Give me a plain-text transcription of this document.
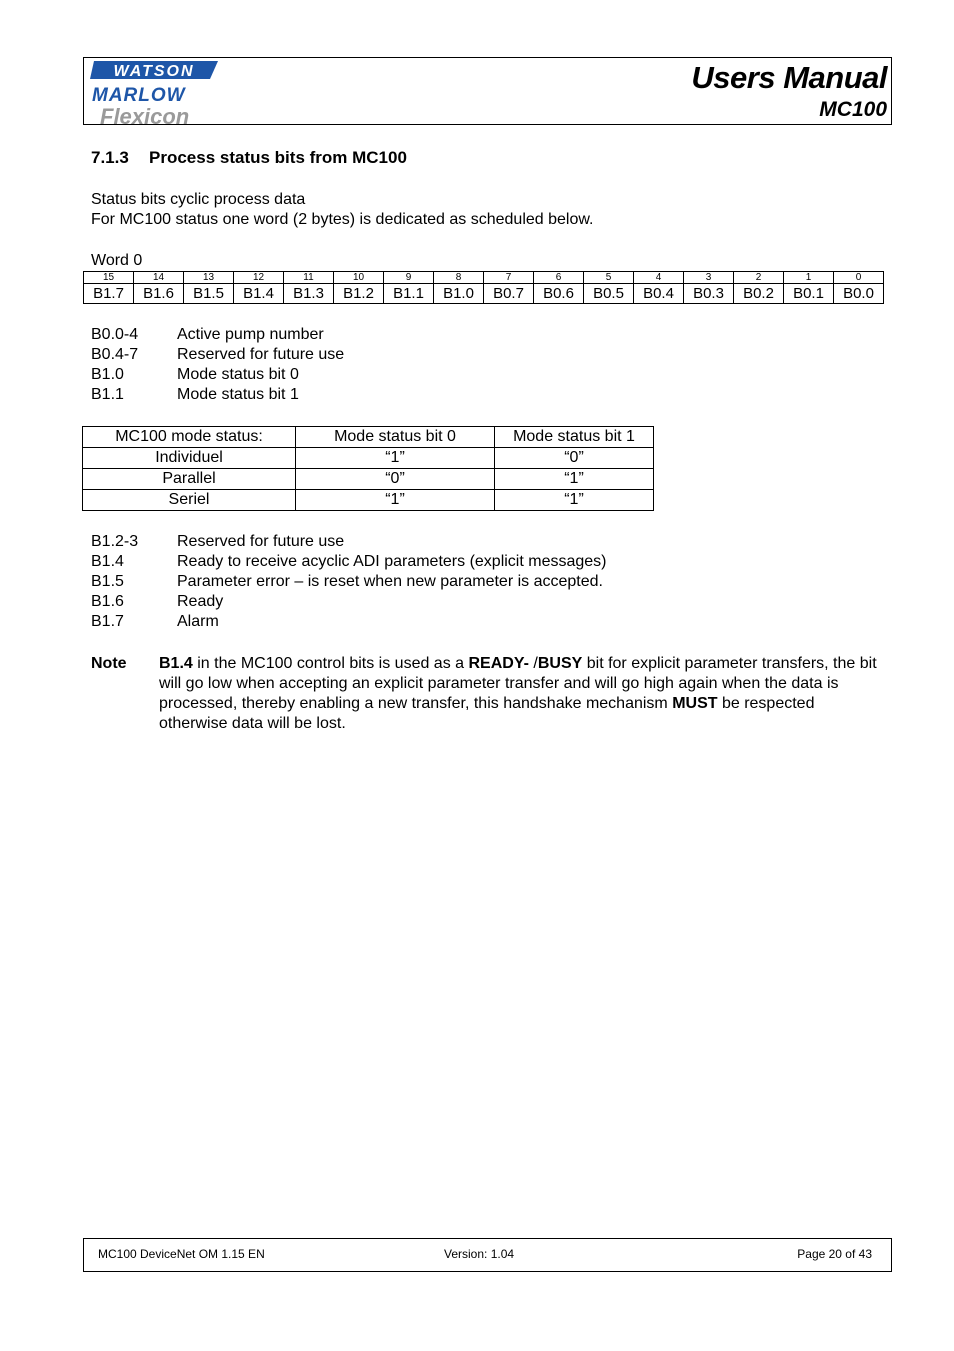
WATSON
MARLOW
Flexicon
Users Manual
MC100
7.1.3 Process status bits from MC100
Status bits cyclic process data
For MC100 status one word (2 bytes) is dedicated as scheduled below.
Word 0
15	14	13	12	11	10	9	8	7	6	5	4	3	2	1	0
B1.7	B1.6	B1.5	B1.4	B1.3	B1.2	B1.1	B1.0	B0.7	B0.6	B0.5	B0.4	B0.3	B0.2	B0.1	B0.0
B0.0-4 Active pump number
B0.4-7 Reserved for future use
B1.0	Mode status bit 0
B1.1	Mode status bit 1
MC100 mode status:	Mode status bit 0	Mode status bit 1
Individuel	“1”	“0”
Parallel	“0”	“1”
Seriel	“1”	“1”
B1.2-3 Reserved for future use
B1.4	Ready to receive acyclic ADI parameters (explicit messages)
B1.5	Parameter error – is reset when new parameter is accepted.
B1.6	Ready
B1.7	Alarm
Note B1.4 in the MC100 control bits is used as a READY- /BUSY bit for explicit parameter transfers, the bit will go low when accepting an explicit parameter transfer and will go high again when the data is processed, thereby enabling a new transfer, this handshake mechanism MUST be respected otherwise data will be lost.
MC100 DeviceNet OM 1.15 EN	Version: 1.04	Page 20 of 43
